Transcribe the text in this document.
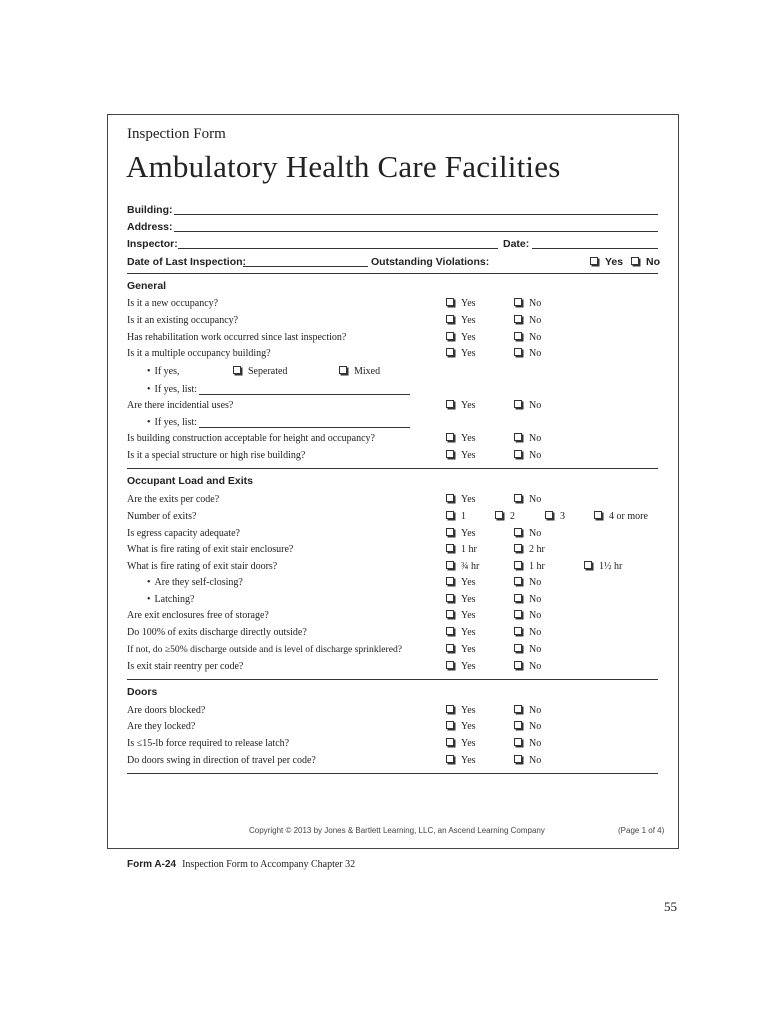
Inspection Form
Ambulatory Health Care Facilities
Building:
Address:
Inspector:	Date:
Date of Last Inspection:	Outstanding Violations:	Yes	No
General
Is it a new occupancy?	Yes	No
Is it an existing occupancy?	Yes	No
Has rehabilitation work occurred since last inspection?	Yes	No
Is it a multiple occupancy building?	Yes	No
• If yes,	Seperated	Mixed
• If yes, list:
Are there incidential uses?	Yes	No
• If yes, list:
Is building construction acceptable for height and occupancy?	Yes	No
Is it a special structure or high rise building?	Yes	No
Occupant Load and Exits
Are the exits per code?	Yes	No
Number of exits?	1	2	3	4 or more
Is egress capacity adequate?	Yes	No
What is fire rating of exit stair enclosure?	1 hr	2 hr
What is fire rating of exit stair doors?	¾ hr	1 hr	1½ hr
• Are they self-closing?	Yes	No
• Latching?	Yes	No
Are exit enclosures free of storage?	Yes	No
Do 100% of exits discharge directly outside?	Yes	No
If not, do ≥50% discharge outside and is level of discharge sprinklered?	Yes	No
Is exit stair reentry per code?	Yes	No
Doors
Are doors blocked?	Yes	No
Are they locked?	Yes	No
Is ≤15-lb force required to release latch?	Yes	No
Do doors swing in direction of travel per code?	Yes	No
Copyright © 2013 by Jones & Bartlett Learning, LLC, an Ascend Learning Company	(Page 1 of 4)
Form A-24 Inspection Form to Accompany Chapter 32
55
